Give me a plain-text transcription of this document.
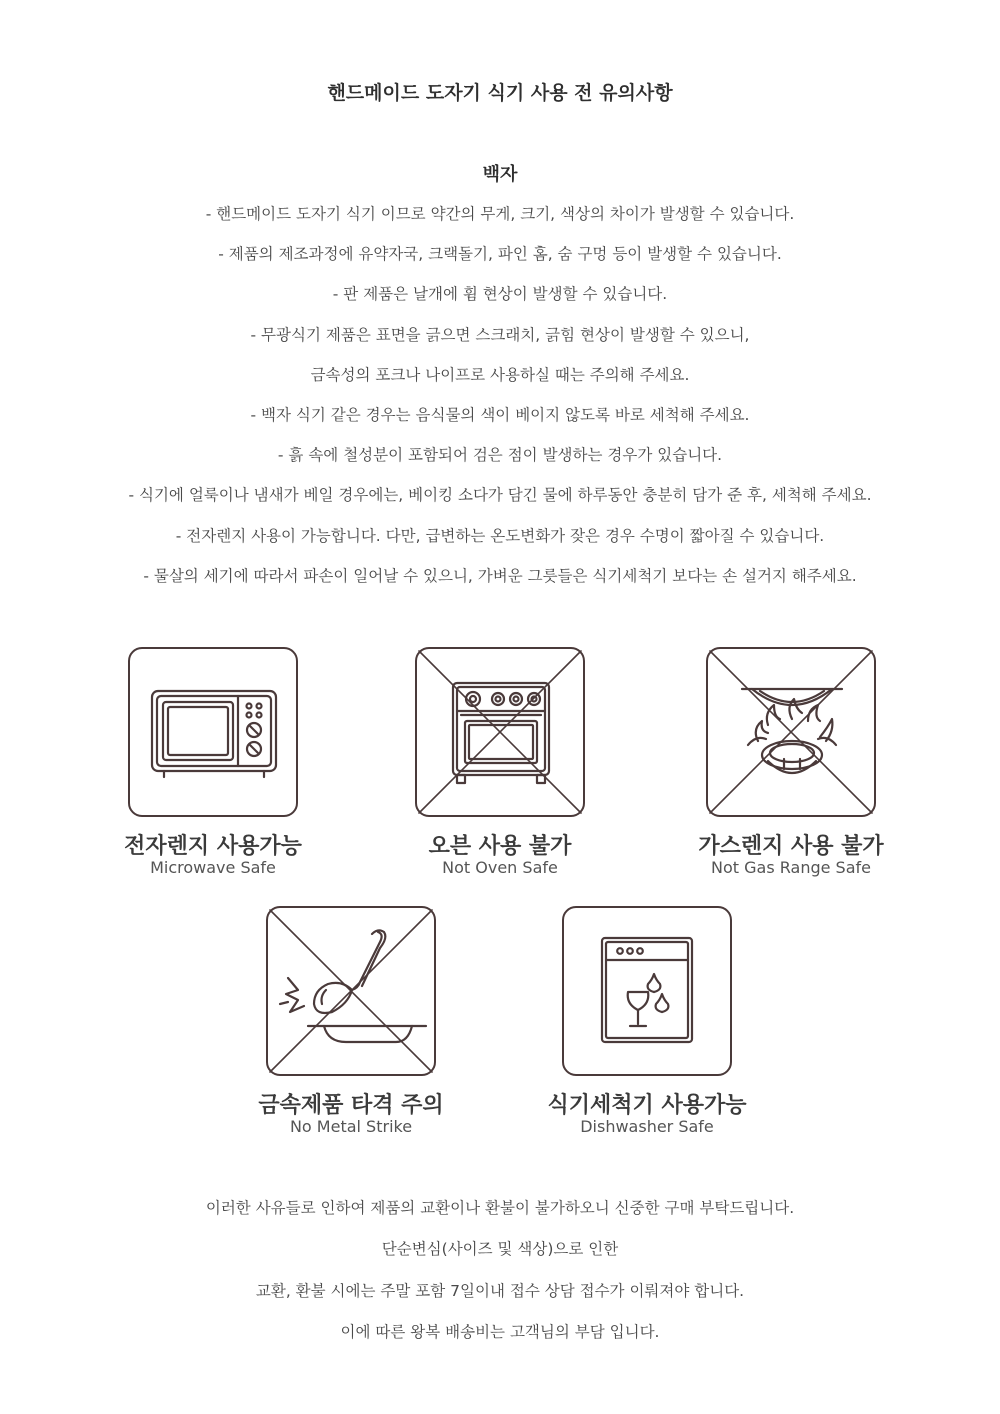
핸드메이드 도자기 식기 사용 전 유의사항
백자
- 핸드메이드 도자기 식기 이므로 약간의 무게, 크기, 색상의 차이가 발생할 수 있습니다.
- 제품의 제조과정에 유약자국, 크랙돌기, 파인 홈, 숨 구멍 등이 발생할 수 있습니다.
- 판 제품은 날개에 휨 현상이 발생할 수 있습니다.
- 무광식기 제품은 표면을 긁으면 스크래치, 긁힘 현상이 발생할 수 있으니,
금속성의 포크나 나이프로 사용하실 때는 주의해 주세요.
- 백자 식기 같은 경우는 음식물의 색이 베이지 않도록 바로 세척해 주세요.
- 흙 속에 철성분이 포함되어 검은 점이 발생하는 경우가 있습니다.
- 식기에 얼룩이나 냄새가 베일 경우에는, 베이킹 소다가 담긴 물에 하루동안 충분히 담가 준 후, 세척해 주세요.
- 전자렌지 사용이 가능합니다. 다만, 급변하는 온도변화가 잦은 경우 수명이 짧아질 수 있습니다.
- 물살의 세기에 따라서 파손이 일어날 수 있으니, 가벼운 그릇들은 식기세척기 보다는 손 설거지 해주세요.
전자렌지 사용가능
Microwave Safe
오븐 사용 불가
Not Oven Safe
가스렌지 사용 불가
Not Gas Range Safe
금속제품 타격 주의
No Metal Strike
식기세척기 사용가능
Dishwasher Safe
이러한 사유들로 인하여 제품의 교환이나 환불이 불가하오니 신중한 구매 부탁드립니다.
단순변심(사이즈 및 색상)으로 인한
교환, 환불 시에는 주말 포함 7일이내 접수 상담 접수가 이뤄져야 합니다.
이에 따른 왕복 배송비는 고객님의 부담 입니다.
